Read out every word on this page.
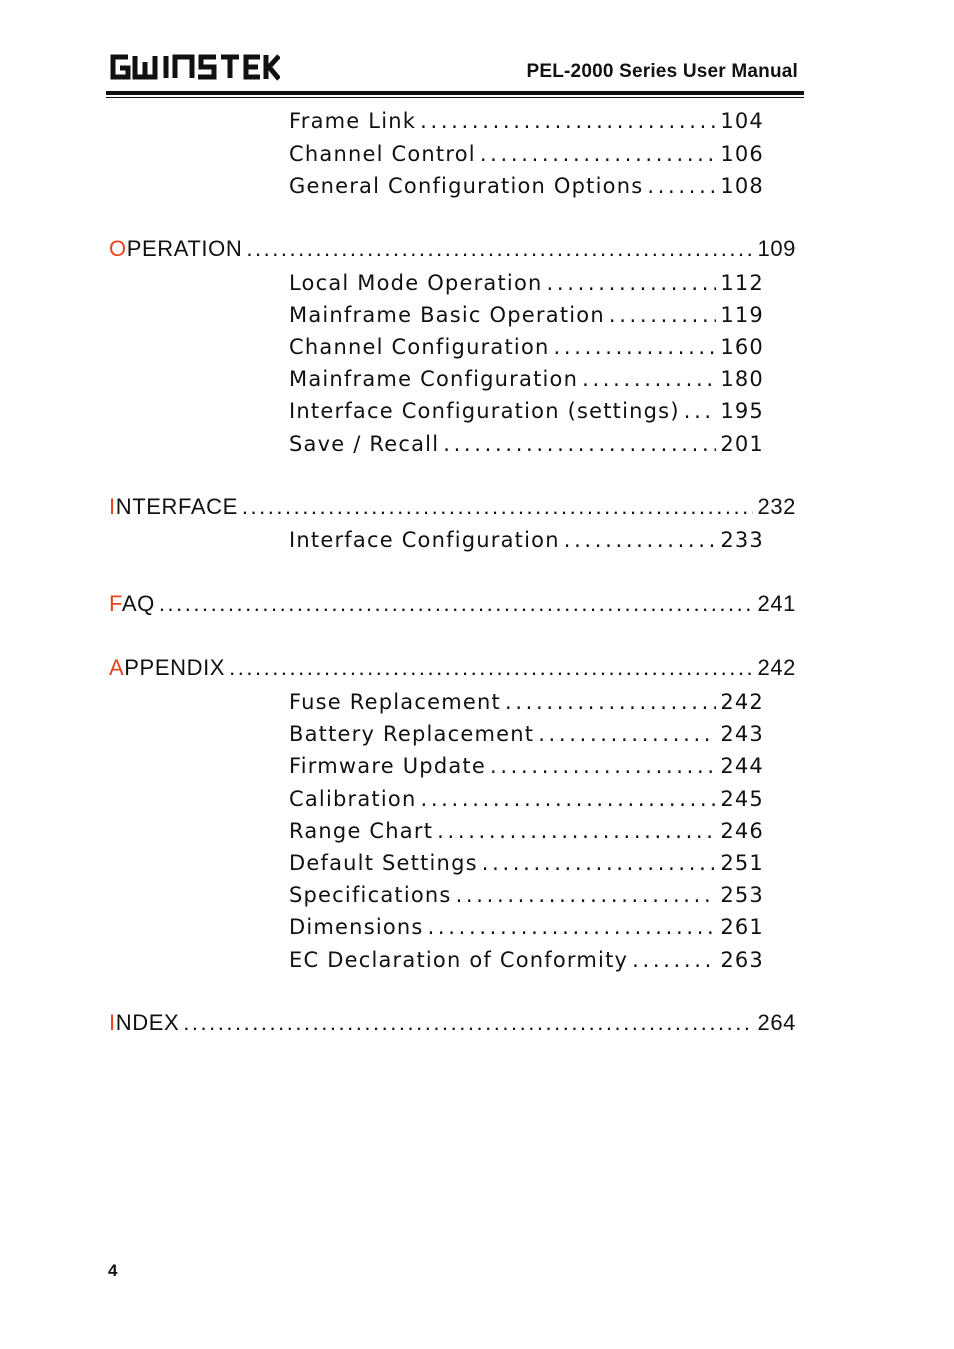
PEL-2000 Series User Manual
Frame Link . . .	104
Channel Control . . .	106
General Configuration Options . . .	108
OPERATION . . .	109
Local Mode Operation . . .	112
Mainframe Basic Operation . . .	119
Channel Configuration . . .	160
Mainframe Configuration . . .	180
Interface Configuration (settings) . . . 195
Save / Recall . . .	201
INTERFACE . . .	232
Interface Configuration . . .	233
FAQ . . .	241
APPENDIX . . .	242
Fuse Replacement . . .	242
Battery Replacement . . .	243
Firmware Update . . .	244
Calibration . . .	245
Range Chart . . .	246
Default Settings . . .	251
Specifications . . .	253
Dimensions . . .	261
EC Declaration of Conformity . . .	263
INDEX . . .	264
4
